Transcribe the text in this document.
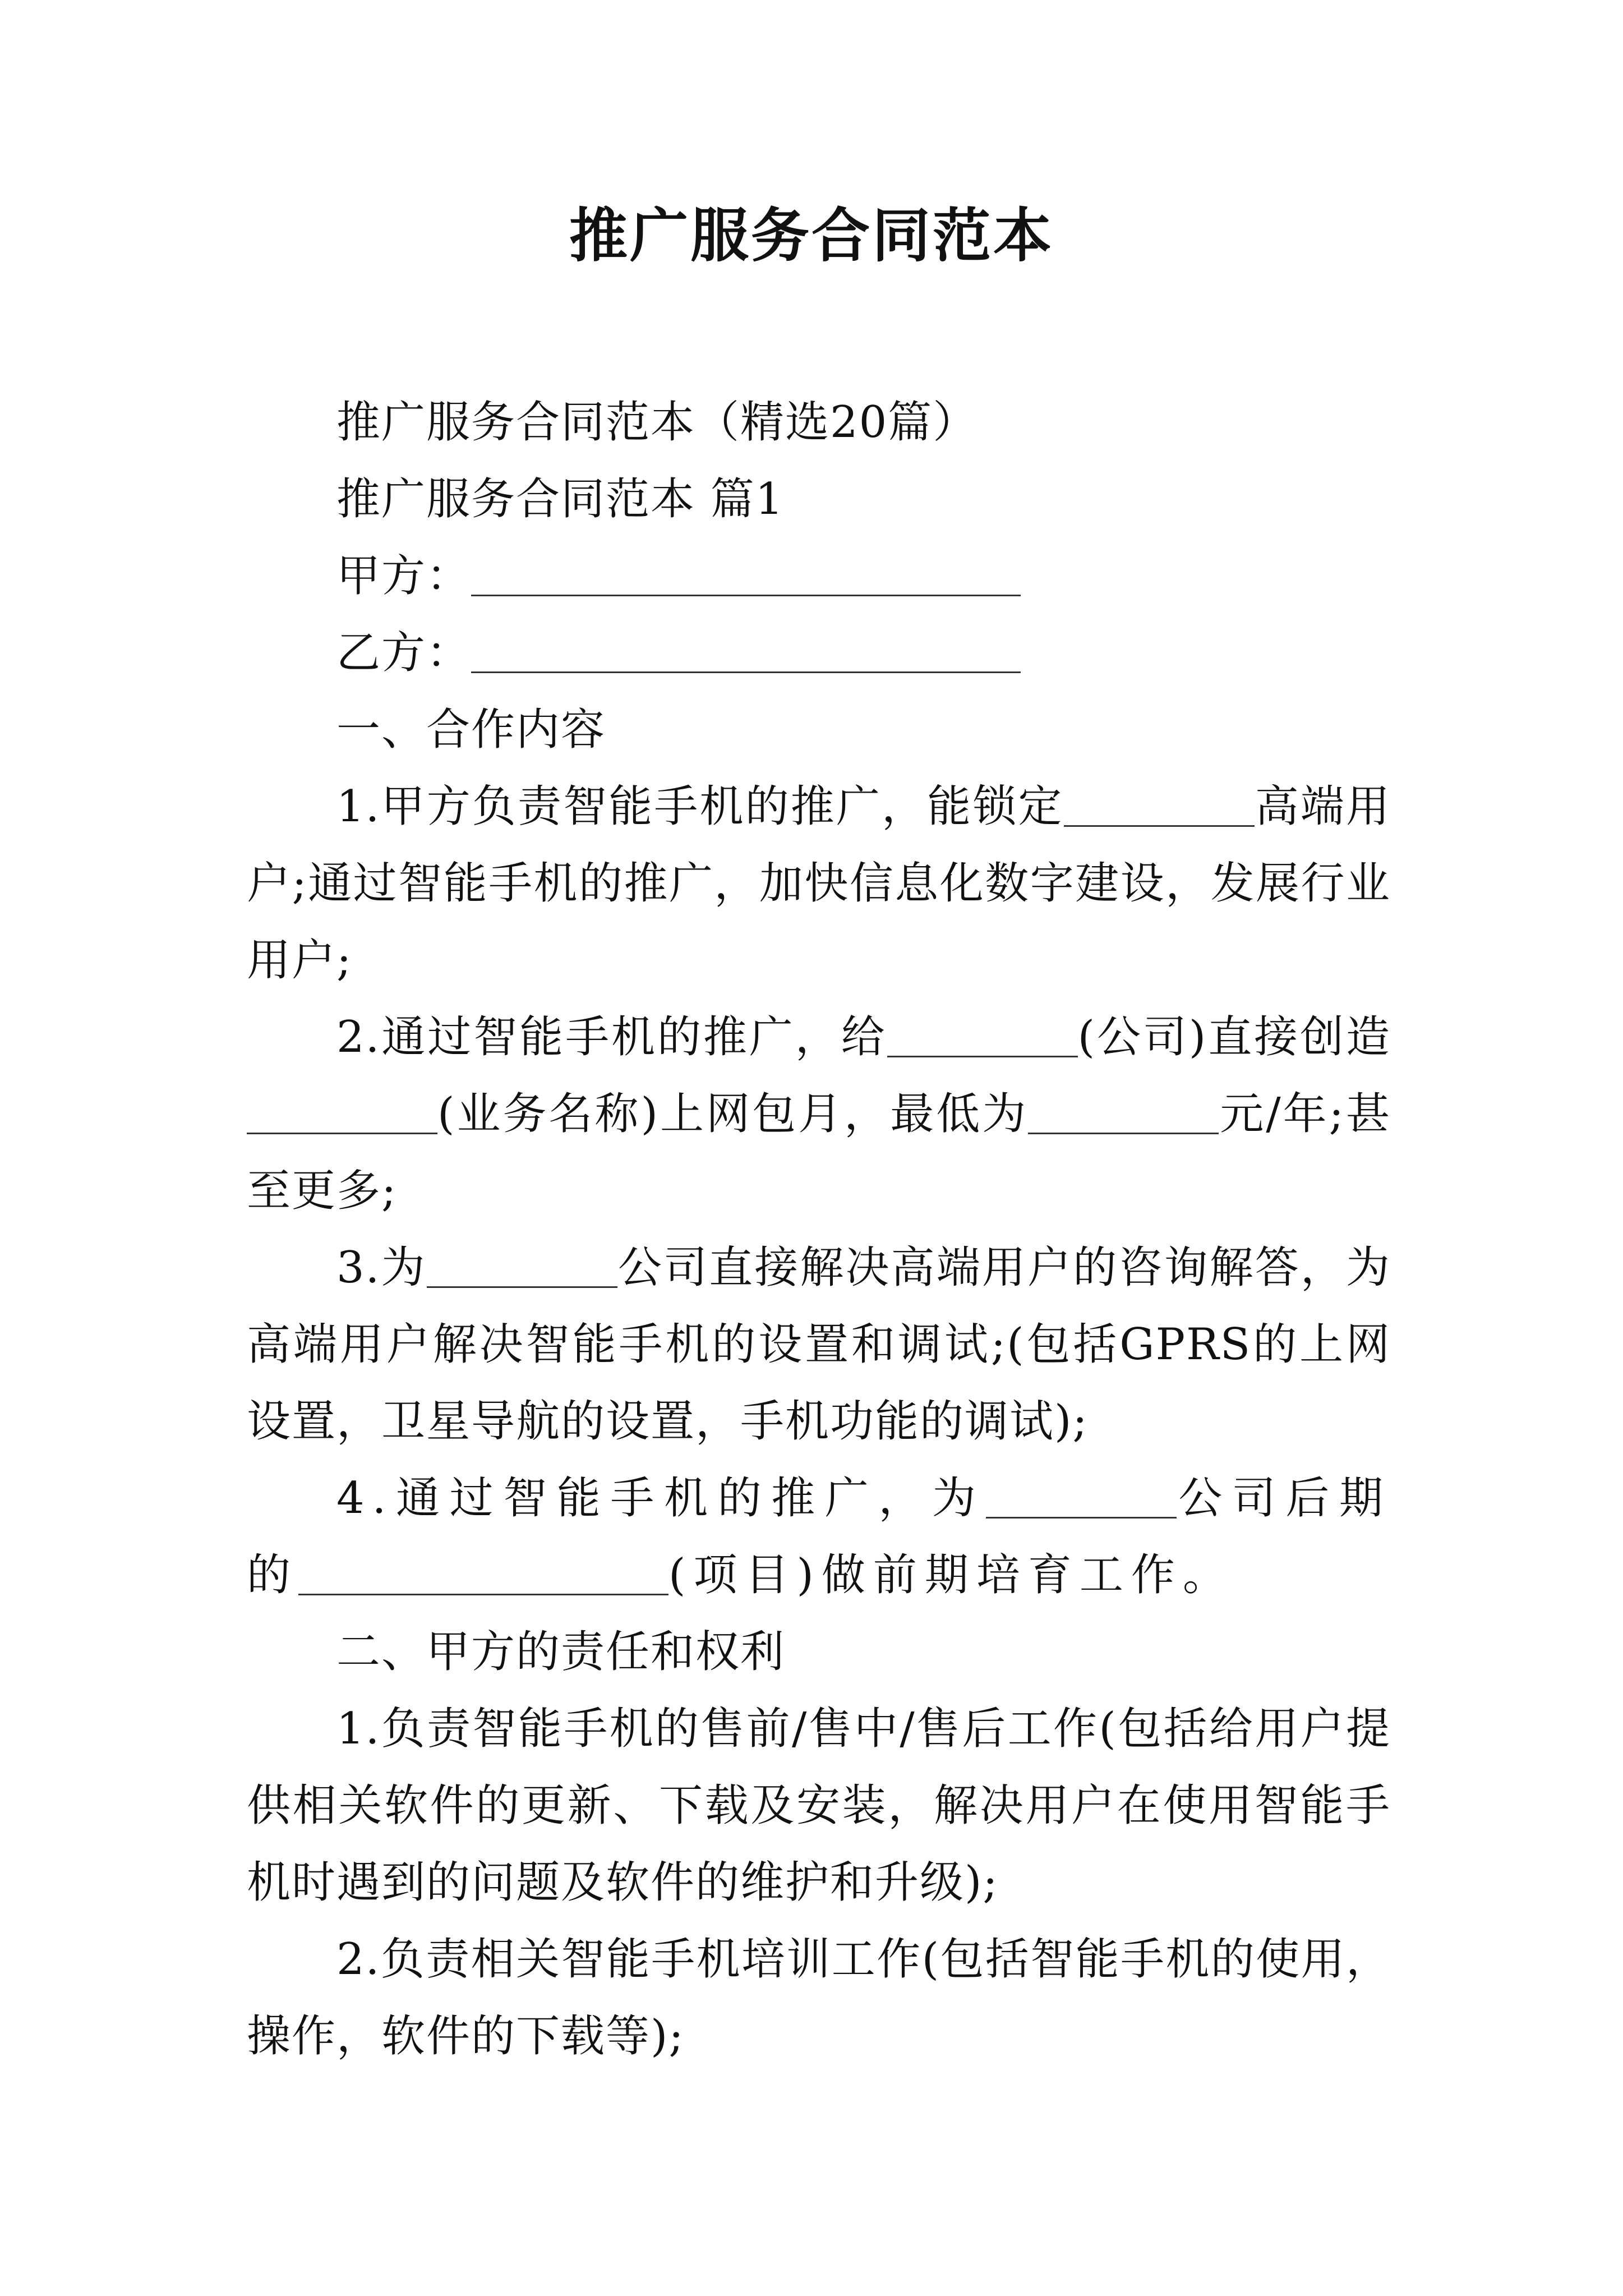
推广服务合同范本

推广服务合同范本（精选20篇）

推广服务合同范本 篇1

甲方：

乙方：

一、合作内容

1.甲方负责智能手机的推广，能锁定	高端用户;通过智能手机的推广，加快信息化数字建设，发展行业用户;

2.通过智能手机的推广，给	(公司)直接创造(业务名称)上网包月，最低为	元/年;甚至更多;

3.为	公司直接解决高端用户的咨询解答，为高端用户解决智能手机的设置和调试;(包括GPRS的上网设置，卫星导航的设置，手机功能的调试);

4.通过智能手机的推广，为	公司后期的	(项目)做前期培育工作。

二、甲方的责任和权利

1.负责智能手机的售前/售中/售后工作(包括给用户提供相关软件的更新、下载及安装，解决用户在使用智能手机时遇到的问题及软件的维护和升级);

2.负责相关智能手机培训工作(包括智能手机的使用，操作，软件的下载等);
